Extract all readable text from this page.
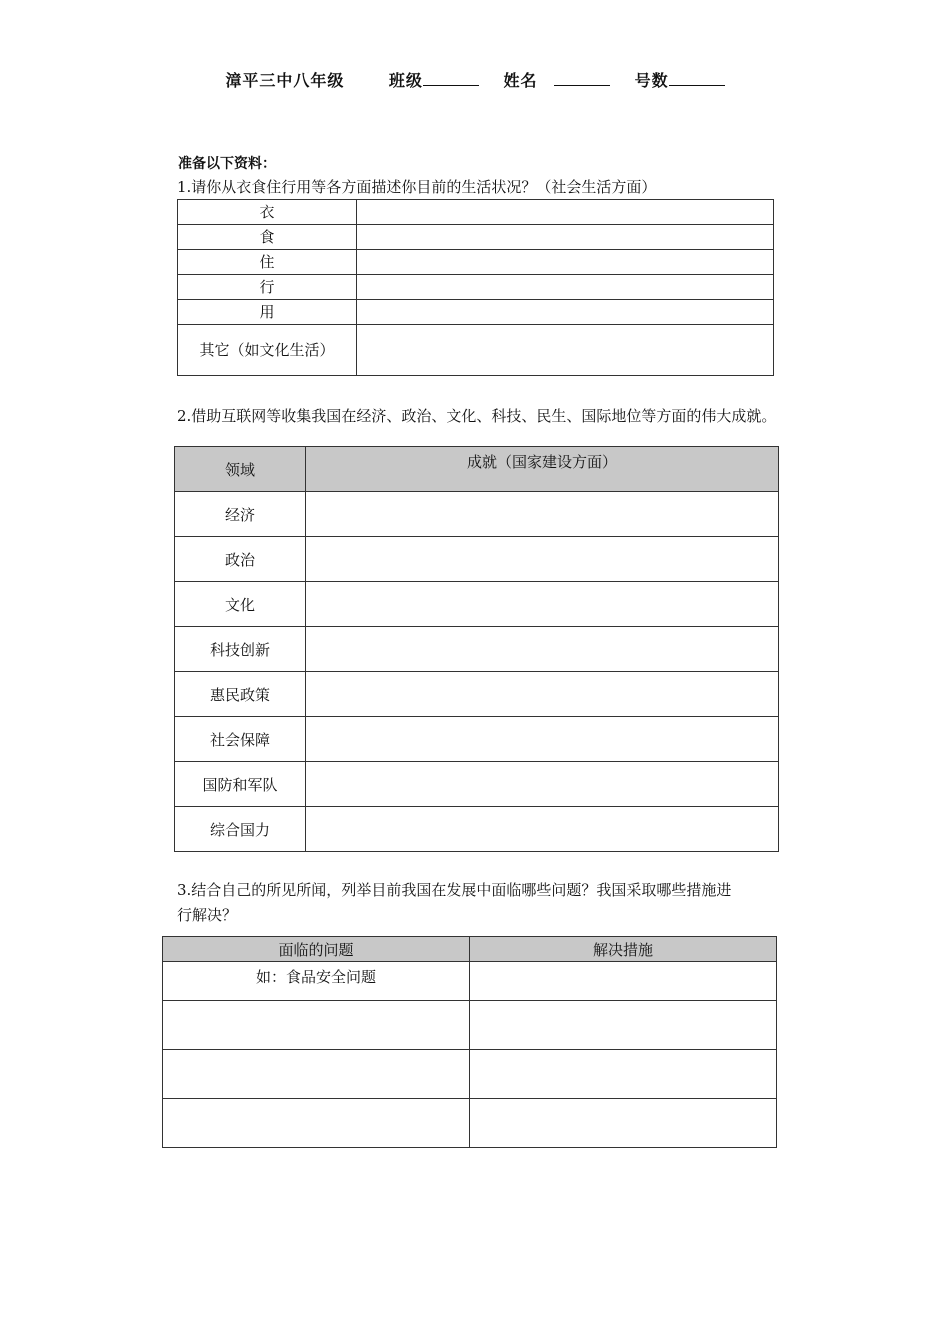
漳平三中八年级	班级	姓名	号数
准备以下资料：
1.请你从衣食住行用等各方面描述你目前的生活状况？（社会生活方面）
衣	
食	
住	
行	
用	
其它（如文化生活）	
2.借助互联网等收集我国在经济、政治、文化、科技、民生、国际地位等方面的伟大成就。
领域	成就（国家建设方面）
经济	
政治	
文化	
科技创新	
惠民政策	
社会保障	
国防和军队	
综合国力	
3.结合自己的所见所闻，列举目前我国在发展中面临哪些问题？我国采取哪些措施进
行解决？
面临的问题	解决措施
如：食品安全问题	
